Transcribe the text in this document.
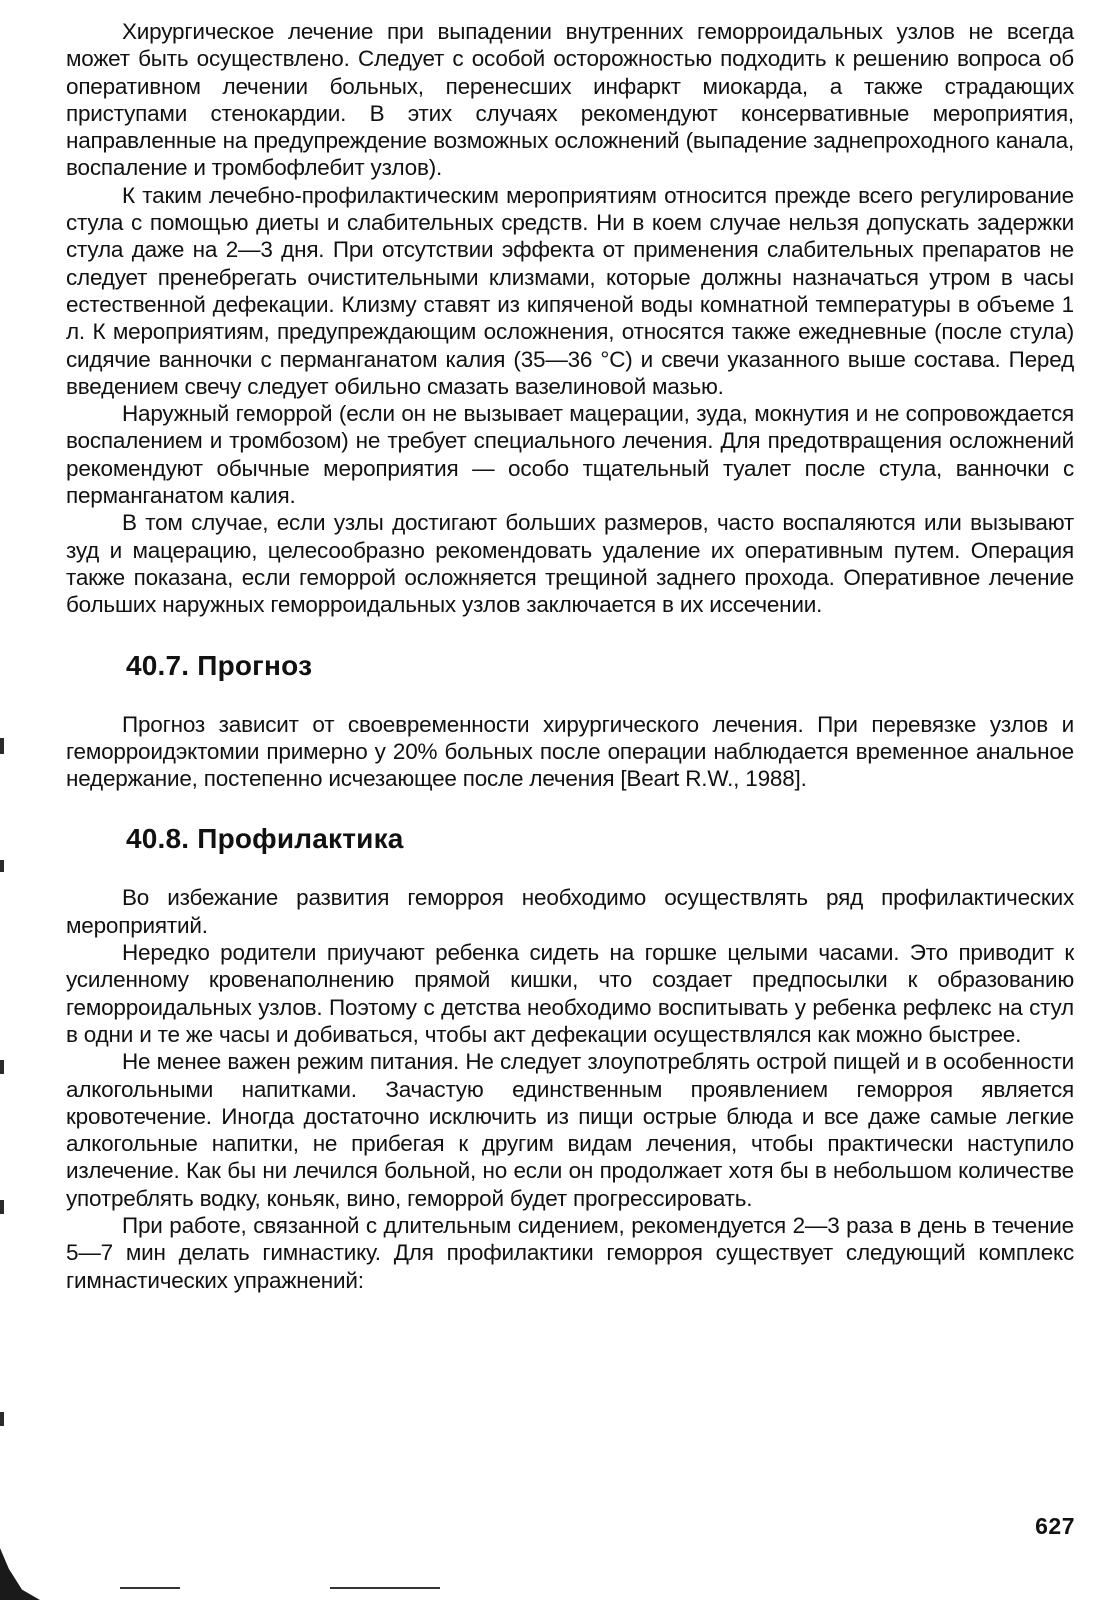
Хирургическое лечение при выпадении внутренних геморроидальных узлов не всегда может быть осуществлено. Следует с особой осторожностью подходить к решению вопроса об оперативном лечении больных, перенесших инфаркт миокарда, а также страдающих приступами стенокардии. В этих случаях рекомендуют консервативные мероприятия, направленные на предупреждение возможных осложнений (выпадение заднепроходного канала, воспаление и тромбофлебит узлов).

К таким лечебно-профилактическим мероприятиям относится прежде всего регулирование стула с помощью диеты и слабительных средств. Ни в коем случае нельзя допускать задержки стула даже на 2—3 дня. При отсутствии эффекта от применения слабительных препаратов не следует пренебрегать очистительными клизмами, которые должны назначаться утром в часы естественной дефекации. Клизму ставят из кипяченой воды комнатной температуры в объеме 1 л. К мероприятиям, предупреждающим осложнения, относятся также ежедневные (после стула) сидячие ванночки с перманганатом калия (35—36 °С) и свечи указанного выше состава. Перед введением свечу следует обильно смазать вазелиновой мазью.

Наружный геморрой (если он не вызывает мацерации, зуда, мокнутия и не сопровождается воспалением и тромбозом) не требует специального лечения. Для предотвращения осложнений рекомендуют обычные мероприятия — особо тщательный туалет после стула, ванночки с перманганатом калия.

В том случае, если узлы достигают больших размеров, часто воспаляются или вызывают зуд и мацерацию, целесообразно рекомендовать удаление их оперативным путем. Операция также показана, если геморрой осложняется трещиной заднего прохода. Оперативное лечение больших наружных геморроидальных узлов заключается в их иссечении.

40.7. Прогноз

Прогноз зависит от своевременности хирургического лечения. При перевязке узлов и геморроидэктомии примерно у 20% больных после операции наблюдается временное анальное недержание, постепенно исчезающее после лечения [Beart R.W., 1988].

40.8. Профилактика

Во избежание развития геморроя необходимо осуществлять ряд профилактических мероприятий.

Нередко родители приучают ребенка сидеть на горшке целыми часами. Это приводит к усиленному кровенаполнению прямой кишки, что создает предпосылки к образованию геморроидальных узлов. Поэтому с детства необходимо воспитывать у ребенка рефлекс на стул в одни и те же часы и добиваться, чтобы акт дефекации осуществлялся как можно быстрее.

Не менее важен режим питания. Не следует злоупотреблять острой пищей и в особенности алкогольными напитками. Зачастую единственным проявлением геморроя является кровотечение. Иногда достаточно исключить из пищи острые блюда и все даже самые легкие алкогольные напитки, не прибегая к другим видам лечения, чтобы практически наступило излечение. Как бы ни лечился больной, но если он продолжает хотя бы в небольшом количестве употреблять водку, коньяк, вино, геморрой будет прогрессировать.

При работе, связанной с длительным сидением, рекомендуется 2—3 раза в день в течение 5—7 мин делать гимнастику. Для профилактики геморроя существует следующий комплекс гимнастических упражнений:

627
